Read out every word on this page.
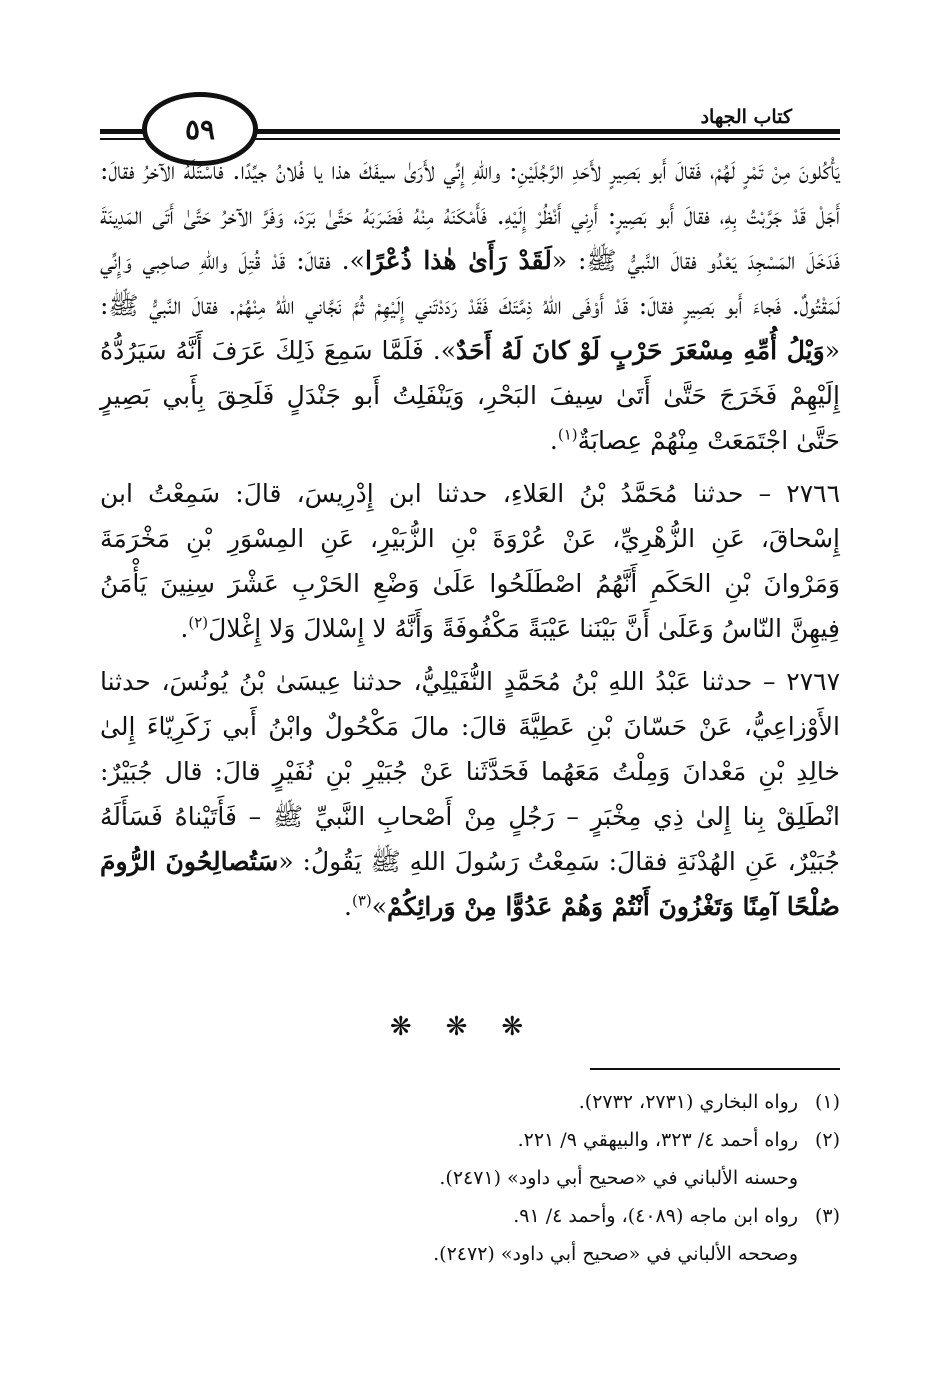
٥٩	كتاب الجهاد

يَأْكُلونَ مِنْ تَمْرٍ لَهُمْ، فَقالَ أَبو بَصِيرٍ لأَحَدِ الرَّجُلَيْنِ: واللهِ إِنِّي لأَرَىٰ سيفَكَ هذا يا فُلانُ جيِّدًا. فاسْتَلَّهُ الآخرُ فقالَ: أَجَلْ قَدْ جَرَّبْتُ بِهِ، فقالَ أَبو بَصِيرٍ: أَرِني أَنْظُرْ إِلَيْهِ. فَأَمْكَنَهُ مِنْهُ فَضَرَبَهُ حَتَّىٰ بَرَدَ، وَفَرَّ الآخرُ حَتَّىٰ أَتَى المَدِينَةَ فَدَخَلَ المَسْجِدَ يَعْدُو فقالَ النَّبيُّ ﷺ: «لَقَدْ رَأَىٰ هٰذا ذُعْرًا». فقالَ: قَدْ قُتِلَ واللهِ صاحِبي وَإِنِّي لَمَقْتُولٌ. فَجاءَ أَبو بَصِيرٍ فقالَ: قَدْ أَوْفَى اللهُ ذِمَّتَكَ فَقَدْ رَدَدْتَني إِلَيْهِمْ ثُمَّ نَجَّاني اللهُ مِنْهُمْ. فقالَ النَّبيُّ ﷺ: «وَيْلُ أُمِّهِ مِسْعَرَ حَرْبٍ لَوْ كانَ لَهُ أَحَدٌ». فَلَمَّا سَمِعَ ذَلِكَ عَرَفَ أَنَّهُ سَيَرُدُّهُ إِلَيْهِمْ فَخَرَجَ حَتَّىٰ أَتَىٰ سِيفَ البَحْرِ، وَيَنْفَلِتُ أَبو جَنْدَلٍ فَلَحِقَ بِأَبي بَصِيرٍ حَتَّىٰ اجْتَمَعَتْ مِنْهُمْ عِصابَةٌ$^{(١)}$.

٢٧٦٦ – حدثنا مُحَمَّدُ بْنُ العَلاءِ، حدثنا ابن إِدْرِيسَ، قالَ: سَمِعْتُ ابن إِسْحاقَ، عَنِ الزُّهْرِيِّ، عَنْ عُرْوَةَ بْنِ الزُّبَيْرِ، عَنِ المِسْوَرِ بْنِ مَخْرَمَةَ وَمَرْوانَ بْنِ الحَكَمِ أَنَّهُمُ اصْطَلَحُوا عَلَىٰ وَضْعِ الحَرْبِ عَشْرَ سِنِينَ يَأْمَنُ فِيهِنَّ النّاسُ وَعَلَىٰ أَنَّ بَيْنَنا عَيْبَةً مَكْفُوفَةً وَأَنَّهُ لا إِسْلالَ وَلا إِغْلالَ$^{(٢)}$.

٢٧٦٧ – حدثنا عَبْدُ اللهِ بْنُ مُحَمَّدٍ النُّفَيْلِيُّ، حدثنا عِيسَىٰ بْنُ يُونُسَ، حدثنا الأَوْزاعِيُّ، عَنْ حَسّانَ بْنِ عَطِيَّةَ قالَ: مالَ مَكْحُولٌ وابْنُ أَبي زَكَرِيّاءَ إِلىٰ خالِدِ بْنِ مَعْدانَ وَمِلْتُ مَعَهُما فَحَدَّثَنا عَنْ جُبَيْرِ بْنِ نُفَيْرٍ قالَ: قال جُبَيْرٌ: انْطَلِقْ بِنا إِلىٰ ذِي مِخْبَرٍ – رَجُلٍ مِنْ أَصْحابِ النَّبيِّ ﷺ – فَأَتَيْناهُ فَسَأَلَهُ جُبَيْرٌ، عَنِ الهُدْنَةِ فقالَ: سَمِعْتُ رَسُولَ اللهِ ﷺ يَقُولُ: «سَتُصالِحُونَ الرُّومَ صُلْحًا آمِنًا وَتَغْزُونَ أَنْتُمْ وَهُمْ عَدُوًّا مِنْ وَرائِكُمْ»$^{(٣)}$.

❋❋❋

(١)رواه البخاري (٢٧٣١، ٢٧٣٢).

(٢)رواه أحمد ٤/ ٣٢٣، والبيهقي ٩/ ٢٢١.

وحسنه الألباني في «صحيح أبي داود» (٢٤٧١).

(٣)رواه ابن ماجه (٤٠٨٩)، وأحمد ٤/ ٩١.

وصححه الألباني في «صحيح أبي داود» (٢٤٧٢).
